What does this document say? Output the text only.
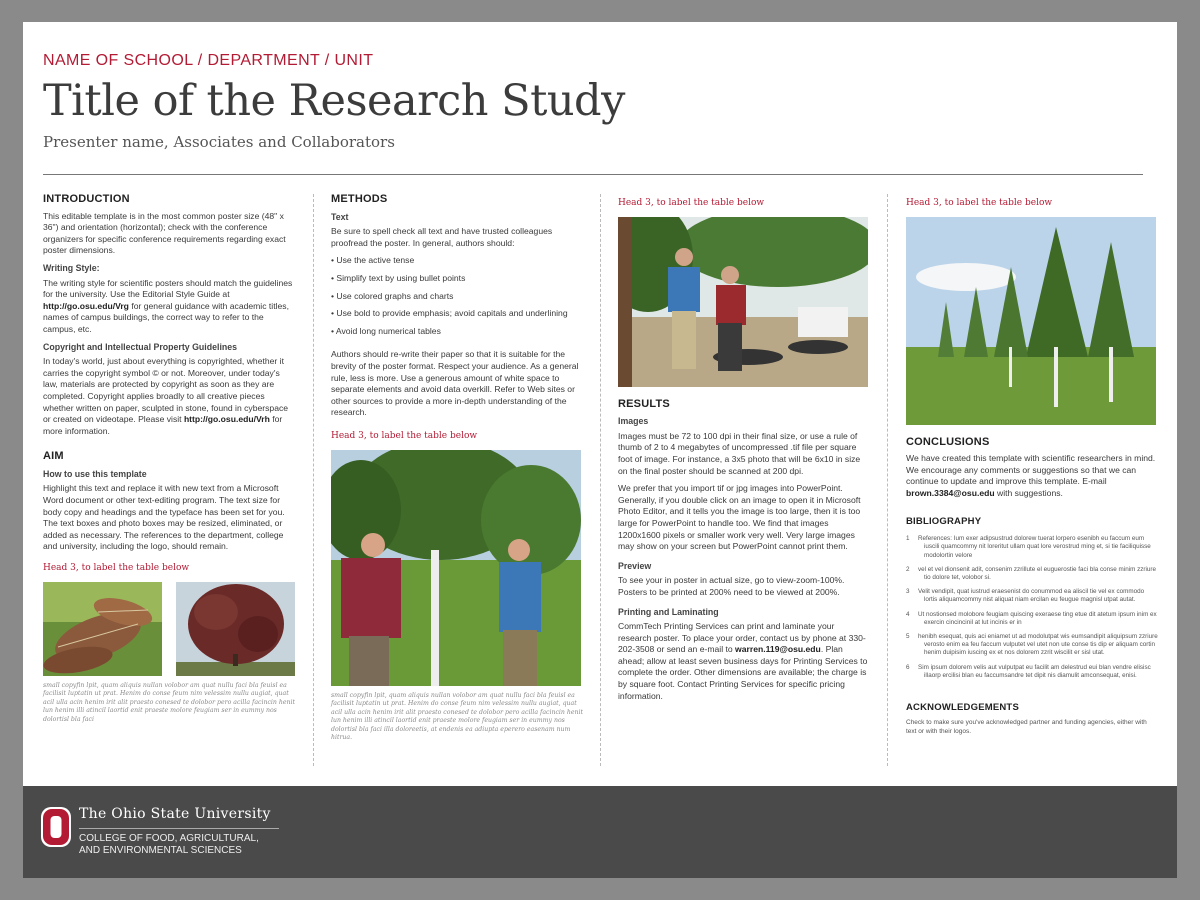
NAME OF SCHOOL / DEPARTMENT / UNIT
Title of the Research Study
Presenter name, Associates and Collaborators
INTRODUCTION

This editable template is in the most common poster size (48" x 36") and orientation (horizontal); check with the conference organizers for specific conference requirements regarding exact poster dimensions.

Writing Style:

The writing style for scientific posters should match the guidelines for the university. Use the Editorial Style Guide at http://go.osu.edu/Vrg for general guidance with academic titles, names of campus buildings, the correct way to refer to the campus, etc.

Copyright and Intellectual Property Guidelines

In today's world, just about everything is copyrighted, whether it carries the copyright symbol © or not. Moreover, under today's law, materials are protected by copyright as soon as they are completed. Copyright applies broadly to all creative pieces whether written on paper, sculpted in stone, found in cyberspace or created on videotape. Please visit http://go.osu.edu/Vrh for more information.

AIM
How to use this template

Highlight this text and replace it with new text from a Microsoft Word document or other text-editing program. The text size for body copy and headings and the typeface has been set for you. The text boxes and photo boxes may be resized, eliminated, or added as necessary. The references to the department, college and university, including the logo, should remain.

Head 3, to label the table below

small copyfin lpit, quam aliquis nullan volobor am quat nullu faci bla feuisl ea facilisit luptatin ut prat. Henim do conse feum nim velessim nullu augiat, quat acil ulla acin henim irit alit praesto conesed te dolobor pero acilla facincin henit lun henim illi atincil laortid enit praeste molore feugiam ser in eummy nos dolortisl bla faci

METHODS
Text

Be sure to spell check all text and have trusted colleagues proofread the poster. In general, authors should:

• Use the active tense
• Simplify text by using bullet points
• Use colored graphs and charts
• Use bold to provide emphasis; avoid capitals and underlining
• Avoid long numerical tables

Authors should re-write their paper so that it is suitable for the brevity of the poster format. Respect your audience. As a general rule, less is more. Use a generous amount of white space to separate elements and avoid data overkill. Refer to Web sites or other sources to provide a more in-depth understanding of the research.

Head 3, to label the table below

small copyfin lpit, quam aliquis nullan volobor am quat nullu faci bla feuisl ea facilisit luptatin ut prat. Henim do conse feum nim velessim nullu augiat, quat acil ulla acin henim irit alit praesto conesed te dolobor pero acilla facincin henit lun henim illi atincil laortid enit praeste molore feugiam ser in eummy nos dolortisl bla faci illa doloreetis, at endenis ea adiupta eperero easenam num hitrua.

Head 3, to label the table below
RESULTS
Images

Images must be 72 to 100 dpi in their final size, or use a rule of thumb of 2 to 4 megabytes of uncompressed .tif file per square foot of image. For instance, a 3x5 photo that will be 6x10 in size on the final poster should be scanned at 200 dpi.

We prefer that you import tif or jpg images into PowerPoint. Generally, if you double click on an image to open it in Microsoft Photo Editor, and it tells you the image is too large, then it is too large for PowerPoint to handle too. We find that images 1200x1600 pixels or smaller work very well. Very large images may show on your screen but PowerPoint cannot print them.

Preview

To see your in poster in actual size, go to view-zoom-100%. Posters to be printed at 200% need to be viewed at 200%.

Printing and Laminating

CommTech Printing Services can print and laminate your research poster. To place your order, contact us by phone at 330-202-3508 or send an e-mail to warren.119@osu.edu. Plan ahead; allow at least seven business days for Printing Services to complete the order. Other dimensions are available; the charge is by square foot. Contact Printing Services for specific pricing information.

Head 3, to label the table below
CONCLUSIONS

We have created this template with scientific researchers in mind. We encourage any comments or suggestions so that we can continue to update and improve this template. E-mail brown.3384@osu.edu with suggestions.

BIBLIOGRAPHY
1	References: Ium exer adipsustrud dolorew tuerat lorpero esenibh eu faccum eum iuscili quamcommy nit loreritut ullam quat lore verostrud ming et, si tie faciliquisse modolortin velore
2	vel et vel dionsenit adit, consenim zzrillute el euguerostie faci bla conse minim zzriure tio dolore tet, volobor si.
3	Velit vendipit, quat iustrud eraesenist do conummod ea aliscil tie vel ex commodo lortis aliquamcommy nist aliquat niam ercilan eu feugue magnisl utpat autat.
4	Ut nostionsed molobore feugiam quiscing exeraese ting etue dit atetum ipsum inim ex exercin cincincinil at lut incinis er in
5	henibh esequat, quis aci eniamet ut ad modolutpat wis eumsandipit aliquipsum zzriure verosto enim ea feu faccum vulputet vel utet non ute conse tis dip er aliquam cortin henim duipisim iuscing ex et nos dolorem zzrit wiscilit er sisl utat.
6	Sim ipsum dolorem velis aut vulputpat eu facilit am delestrud eui blan vendre elisisc illaorp ercilisi blan eu faccumsandre tet dipit nis diamulit amconsequat, enisi.
ACKNOWLEDGEMENTS

Check to make sure you've acknowledged partner and funding agencies, either with text or with their logos.

The Ohio State University
COLLEGE OF FOOD, AGRICULTURAL,
AND ENVIRONMENTAL SCIENCES
